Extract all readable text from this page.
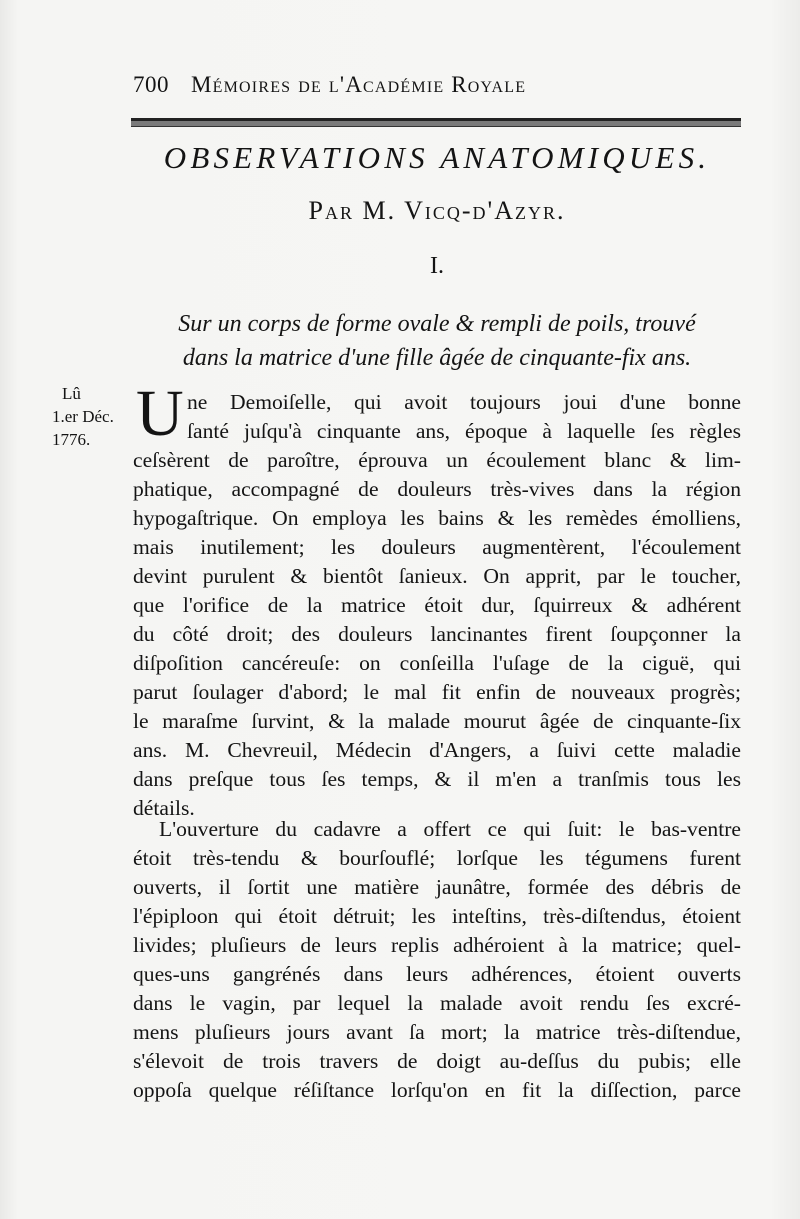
700 Mémoires de l'Académie Royale
OBSERVATIONS ANATOMIQUES.
Par M. Vicq-d'Azyr.
I.
Sur un corps de forme ovale & rempli de poils, trouvé
dans la matrice d'une fille âgée de cinquante-fix ans.
Lû
1.er Déc.
1776. U ne Demoiſelle, qui avoit toujours joui d'une bonne
ſanté juſqu'à cinquante ans, époque à laquelle ſes règles
ceſsèrent de paroître, éprouva un écoulement blanc & lim-
phatique, accompagné de douleurs très-vives dans la région
hypogaſtrique. On employa les bains & les remèdes émolliens,
mais inutilement; les douleurs augmentèrent, l'écoulement
devint purulent & bientôt ſanieux. On apprit, par le toucher,
que l'orifice de la matrice étoit dur, ſquirreux & adhérent
du côté droit; des douleurs lancinantes firent ſoupçonner la
diſpoſition cancéreuſe: on conſeilla l'uſage de la ciguë, qui
parut ſoulager d'abord; le mal fit enfin de nouveaux progrès;
le maraſme ſurvint, & la malade mourut âgée de cinquante-ſix
ans. M. Chevreuil, Médecin d'Angers, a ſuivi cette maladie
dans preſque tous ſes temps, & il m'en a tranſmis tous les
détails.
L'ouverture du cadavre a offert ce qui ſuit: le bas-ventre
étoit très-tendu & bourſouflé; lorſque les tégumens furent
ouverts, il ſortit une matière jaunâtre, formée des débris de
l'épiploon qui étoit détruit; les inteſtins, très-diſtendus, étoient
livides; pluſieurs de leurs replis adhéroient à la matrice; quel-
ques-uns gangrénés dans leurs adhérences, étoient ouverts
dans le vagin, par lequel la malade avoit rendu ſes excré-
mens pluſieurs jours avant ſa mort; la matrice très-diſtendue,
s'élevoit de trois travers de doigt au-deſſus du pubis; elle
oppoſa quelque réſiſtance lorſqu'on en fit la diſſection, parce
